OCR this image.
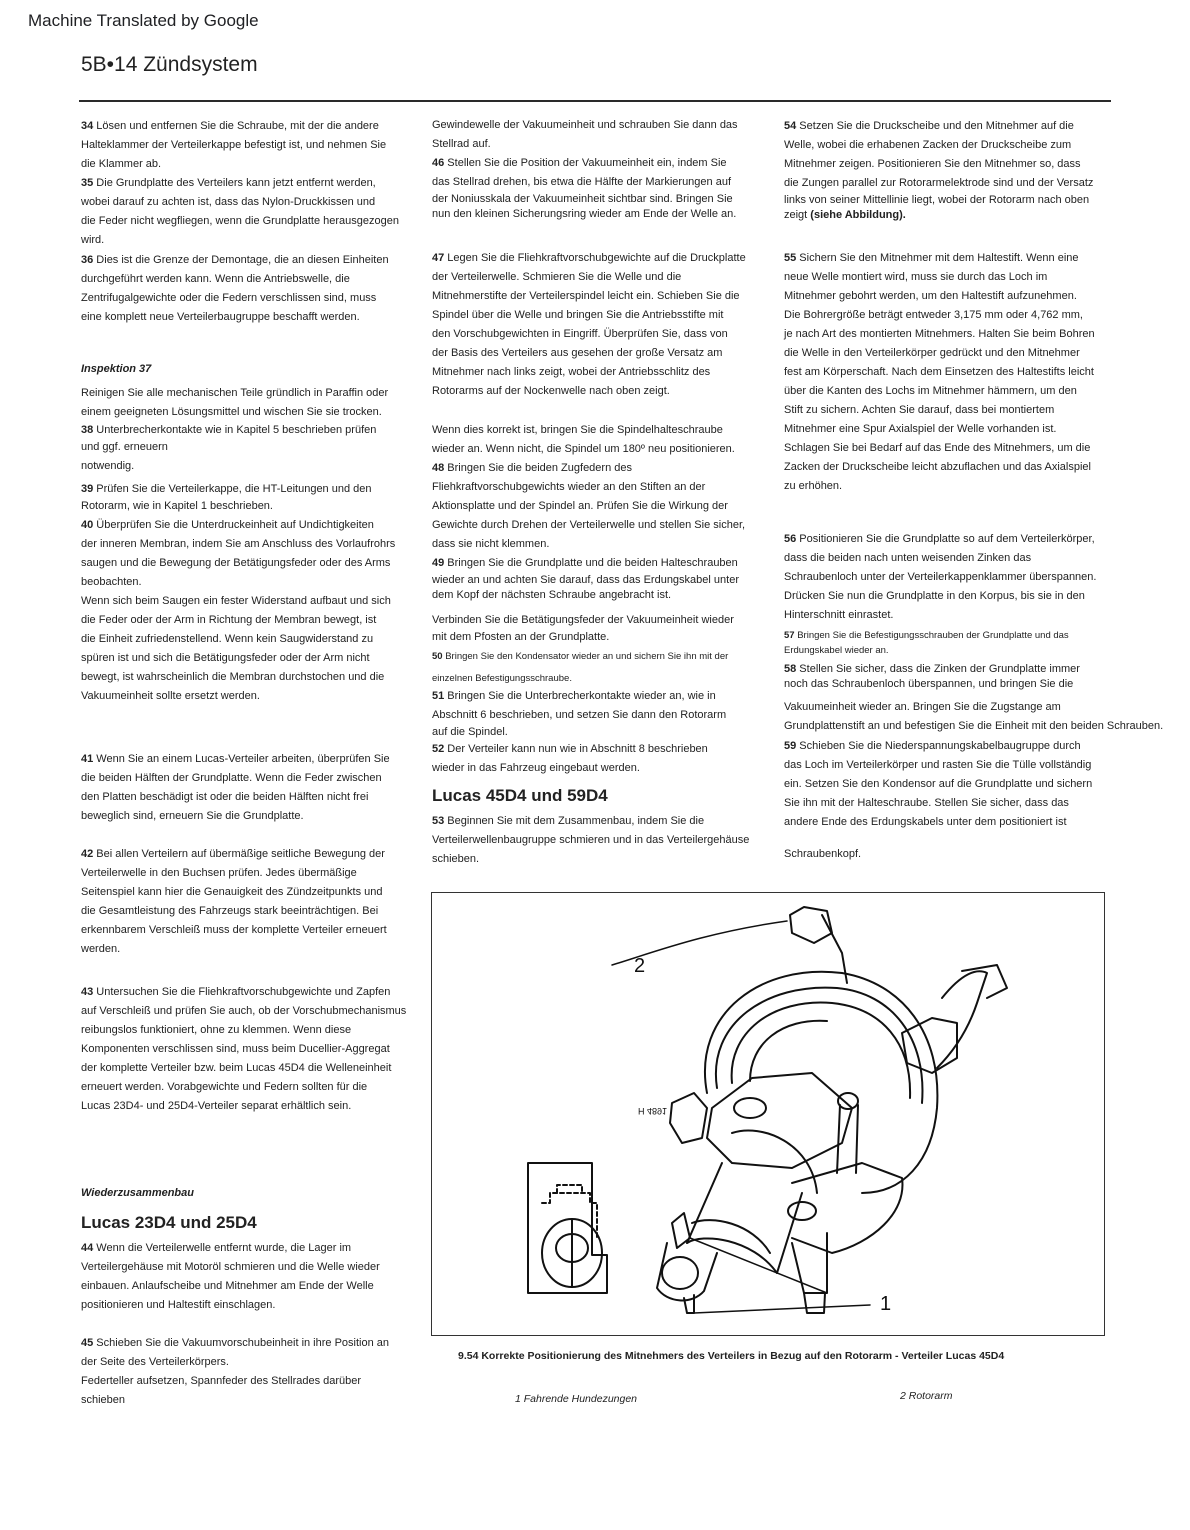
Machine Translated by Google
5B•14 Zündsystem
34 Lösen und entfernen Sie die Schraube, mit der die andere
Halteklammer der Verteilerkappe befestigt ist, und nehmen Sie
die Klammer ab.
35 Die Grundplatte des Verteilers kann jetzt entfernt werden,
wobei darauf zu achten ist, dass das Nylon-Druckkissen und
die Feder nicht wegfliegen, wenn die Grundplatte herausgezogen
wird.
36 Dies ist die Grenze der Demontage, die an diesen Einheiten
durchgeführt werden kann. Wenn die Antriebswelle, die
Zentrifugalgewichte oder die Federn verschlissen sind, muss
eine komplett neue Verteilerbaugruppe beschafft werden.
Inspektion 37
Reinigen Sie alle mechanischen Teile gründlich in Paraffin oder
einem geeigneten Lösungsmittel und wischen Sie sie trocken.
38 Unterbrecherkontakte wie in Kapitel 5 beschrieben prüfen
und ggf. erneuern
notwendig.
39 Prüfen Sie die Verteilerkappe, die HT-Leitungen und den
Rotorarm, wie in Kapitel 1 beschrieben.
40 Überprüfen Sie die Unterdruckeinheit auf Undichtigkeiten
der inneren Membran, indem Sie am Anschluss des Vorlaufrohrs
saugen und die Bewegung der Betätigungsfeder oder des Arms
beobachten.
Wenn sich beim Saugen ein fester Widerstand aufbaut und sich
die Feder oder der Arm in Richtung der Membran bewegt, ist
die Einheit zufriedenstellend. Wenn kein Saugwiderstand zu
spüren ist und sich die Betätigungsfeder oder der Arm nicht
bewegt, ist wahrscheinlich die Membran durchstochen und die
Vakuumeinheit sollte ersetzt werden.
41 Wenn Sie an einem Lucas-Verteiler arbeiten, überprüfen Sie
die beiden Hälften der Grundplatte. Wenn die Feder zwischen
den Platten beschädigt ist oder die beiden Hälften nicht frei
beweglich sind, erneuern Sie die Grundplatte.
42 Bei allen Verteilern auf übermäßige seitliche Bewegung der
Verteilerwelle in den Buchsen prüfen. Jedes übermäßige
Seitenspiel kann hier die Genauigkeit des Zündzeitpunkts und
die Gesamtleistung des Fahrzeugs stark beeinträchtigen. Bei
erkennbarem Verschleiß muss der komplette Verteiler erneuert
werden.
43 Untersuchen Sie die Fliehkraftvorschubgewichte und Zapfen
auf Verschleiß und prüfen Sie auch, ob der Vorschubmechanismus
reibungslos funktioniert, ohne zu klemmen. Wenn diese
Komponenten verschlissen sind, muss beim Ducellier-Aggregat
der komplette Verteiler bzw. beim Lucas 45D4 die Welleneinheit
erneuert werden. Vorabgewichte und Federn sollten für die
Lucas 23D4- und 25D4-Verteiler separat erhältlich sein.
Wiederzusammenbau
Lucas 23D4 und 25D4
44 Wenn die Verteilerwelle entfernt wurde, die Lager im
Verteilergehäuse mit Motoröl schmieren und die Welle wieder
einbauen. Anlaufscheibe und Mitnehmer am Ende der Welle
positionieren und Haltestift einschlagen.
45 Schieben Sie die Vakuumvorschubeinheit in ihre Position an
der Seite des Verteilerkörpers.
Federteller aufsetzen, Spannfeder des Stellrades darüber
schieben
Gewindewelle der Vakuumeinheit und schrauben Sie dann das
Stellrad auf.
46 Stellen Sie die Position der Vakuumeinheit ein, indem Sie
das Stellrad drehen, bis etwa die Hälfte der Markierungen auf
der Noniusskala der Vakuumeinheit sichtbar sind. Bringen Sie
nun den kleinen Sicherungsring wieder am Ende der Welle an.
47 Legen Sie die Fliehkraftvorschubgewichte auf die Druckplatte
der Verteilerwelle. Schmieren Sie die Welle und die
Mitnehmerstifte der Verteilerspindel leicht ein. Schieben Sie die
Spindel über die Welle und bringen Sie die Antriebsstifte mit
den Vorschubgewichten in Eingriff. Überprüfen Sie, dass von
der Basis des Verteilers aus gesehen der große Versatz am
Mitnehmer nach links zeigt, wobei der Antriebsschlitz des
Rotorarms auf der Nockenwelle nach oben zeigt.
Wenn dies korrekt ist, bringen Sie die Spindelhalteschraube
wieder an. Wenn nicht, die Spindel um 180º neu positionieren.
48 Bringen Sie die beiden Zugfedern des
Fliehkraftvorschubgewichts wieder an den Stiften an der
Aktionsplatte und der Spindel an. Prüfen Sie die Wirkung der
Gewichte durch Drehen der Verteilerwelle und stellen Sie sicher,
dass sie nicht klemmen.
49 Bringen Sie die Grundplatte und die beiden Halteschrauben
wieder an und achten Sie darauf, dass das Erdungskabel unter
dem Kopf der nächsten Schraube angebracht ist.
Verbinden Sie die Betätigungsfeder der Vakuumeinheit wieder
mit dem Pfosten an der Grundplatte.
50 Bringen Sie den Kondensator wieder an und sichern Sie ihn mit der
einzelnen Befestigungsschraube.
51 Bringen Sie die Unterbrecherkontakte wieder an, wie in
Abschnitt 6 beschrieben, und setzen Sie dann den Rotorarm
auf die Spindel.
52 Der Verteiler kann nun wie in Abschnitt 8 beschrieben
wieder in das Fahrzeug eingebaut werden.
Lucas 45D4 und 59D4
53 Beginnen Sie mit dem Zusammenbau, indem Sie die
Verteilerwellenbaugruppe schmieren und in das Verteilergehäuse
schieben.
54 Setzen Sie die Druckscheibe und den Mitnehmer auf die
Welle, wobei die erhabenen Zacken der Druckscheibe zum
Mitnehmer zeigen. Positionieren Sie den Mitnehmer so, dass
die Zungen parallel zur Rotorarmelektrode sind und der Versatz
links von seiner Mittellinie liegt, wobei der Rotorarm nach oben
zeigt (siehe Abbildung).
55 Sichern Sie den Mitnehmer mit dem Haltestift. Wenn eine
neue Welle montiert wird, muss sie durch das Loch im
Mitnehmer gebohrt werden, um den Haltestift aufzunehmen.
Die Bohrergröße beträgt entweder 3,175 mm oder 4,762 mm,
je nach Art des montierten Mitnehmers. Halten Sie beim Bohren
die Welle in den Verteilerkörper gedrückt und den Mitnehmer
fest am Körperschaft. Nach dem Einsetzen des Haltestifts leicht
über die Kanten des Lochs im Mitnehmer hämmern, um den
Stift zu sichern. Achten Sie darauf, dass bei montiertem
Mitnehmer eine Spur Axialspiel der Welle vorhanden ist.
Schlagen Sie bei Bedarf auf das Ende des Mitnehmers, um die
Zacken der Druckscheibe leicht abzuflachen und das Axialspiel
zu erhöhen.
56 Positionieren Sie die Grundplatte so auf dem Verteilerkörper,
dass die beiden nach unten weisenden Zinken das
Schraubenloch unter der Verteilerkappenklammer überspannen.
Drücken Sie nun die Grundplatte in den Korpus, bis sie in den
Hinterschnitt einrastet.
57 Bringen Sie die Befestigungsschrauben der Grundplatte und das
Erdungskabel wieder an.
58 Stellen Sie sicher, dass die Zinken der Grundplatte immer
noch das Schraubenloch überspannen, und bringen Sie die
Vakuumeinheit wieder an. Bringen Sie die Zugstange am
Grundplattenstift an und befestigen Sie die Einheit mit den beiden Schrauben.
59 Schieben Sie die Niederspannungskabelbaugruppe durch
das Loch im Verteilerkörper und rasten Sie die Tülle vollständig
ein. Setzen Sie den Kondensor auf die Grundplatte und sichern
Sie ihn mit der Halteschraube. Stellen Sie sicher, dass das
andere Ende des Erdungskabels unter dem positioniert ist
Schraubenkopf.
2
1
H 4891
9.54 Korrekte Positionierung des Mitnehmers des Verteilers in Bezug auf den Rotorarm - Verteiler Lucas 45D4
1 Fahrende Hundezungen	2 Rotorarm
